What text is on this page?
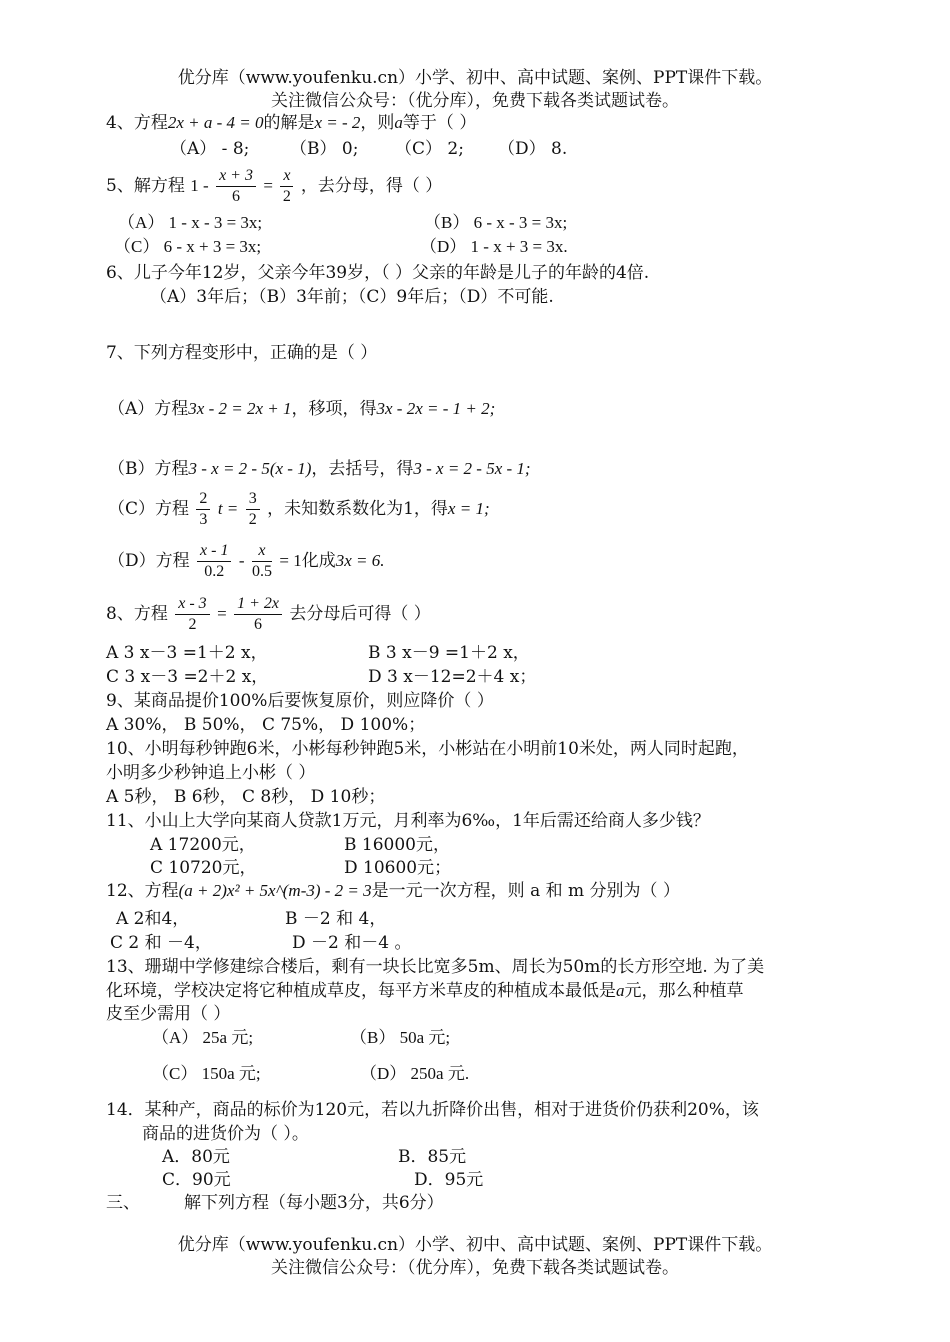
优分库（www.youfenku.cn）小学、初中、高中试题、案例、PPT课件下载。
关注微信公众号：（优分库），免费下载各类试题试卷。
4、方程2x + a - 4 = 0的解是x = - 2，则a等于（ ）
（A） - 8; （B） 0; （C） 2; （D） 8.
5、解方程 $1 - \frac{x + 3}{6} = \frac{x}{2}$ ，去分母，得（ ）
（A） 1 - x - 3 = 3x;	（B） 6 - x - 3 = 3x;
（C） 6 - x + 3 = 3x;	（D） 1 - x + 3 = 3x.
6、儿子今年12岁，父亲今年39岁，（ ）父亲的年龄是儿子的年龄的4倍.
（A）3年后；（B）3年前；（C）9年后；（D）不可能.
7、下列方程变形中，正确的是（ ）
（A）方程3x - 2 = 2x + 1，移项，得3x - 2x = - 1 + 2;
（B）方程3 - x = 2 - 5(x - 1)，去括号，得3 - x = 2 - 5x - 1;
（C）方程 $\frac{2}{3}$ $t = \frac{3}{2}$ ，未知数系数化为1，得x = 1;
（D）方程 $\frac{x - 1}{0.2} - \frac{x}{0.5} = 1$化成3x = 6.
8、方程 $\frac{x - 3}{2} = \frac{1 + 2x}{6}$ 去分母后可得（ ）
A 3 x－3 =1＋2 x，	B 3 x－9 =1＋2 x，
C 3 x－3 =2＋2 x，	D 3 x－12=2＋4 x；
9、某商品提价100%后要恢复原价，则应降价（ ）
A 30%， B 50%， C 75%， D 100%；
10、小明每秒钟跑6米，小彬每秒钟跑5米，小彬站在小明前10米处，两人同时起跑，
小明多少秒钟追上小彬（ ）
A 5秒， B 6秒， C 8秒， D 10秒；
11、小山上大学向某商人贷款1万元，月利率为6‰，1年后需还给商人多少钱？
A 17200元，	B 16000元，
C 10720元，	D 10600元；
12、方程(a + 2)x² + 5x^(m-3) - 2 = 3是一元一次方程，则 a 和 m 分别为（ ）
A 2和4，	B －2 和 4，
C 2 和 －4，	D －2 和－4 。
13、珊瑚中学修建综合楼后，剩有一块长比宽多5m、周长为50m的长方形空地. 为了美
化环境，学校决定将它种植成草皮，每平方米草皮的种植成本最低是a元，那么种植草
皮至少需用（ ）
（A） 25a 元;	（B） 50a 元;
（C） 150a 元;	（D） 250a 元.
14．某种产，商品的标价为120元，若以九折降价出售，相对于进货价仍获利20%，该
商品的进货价为（ ）。
A．80元	B．85元
C．90元	D．95元
三、	解下列方程（每小题3分，共6分）
优分库（www.youfenku.cn）小学、初中、高中试题、案例、PPT课件下载。
关注微信公众号：（优分库），免费下载各类试题试卷。
